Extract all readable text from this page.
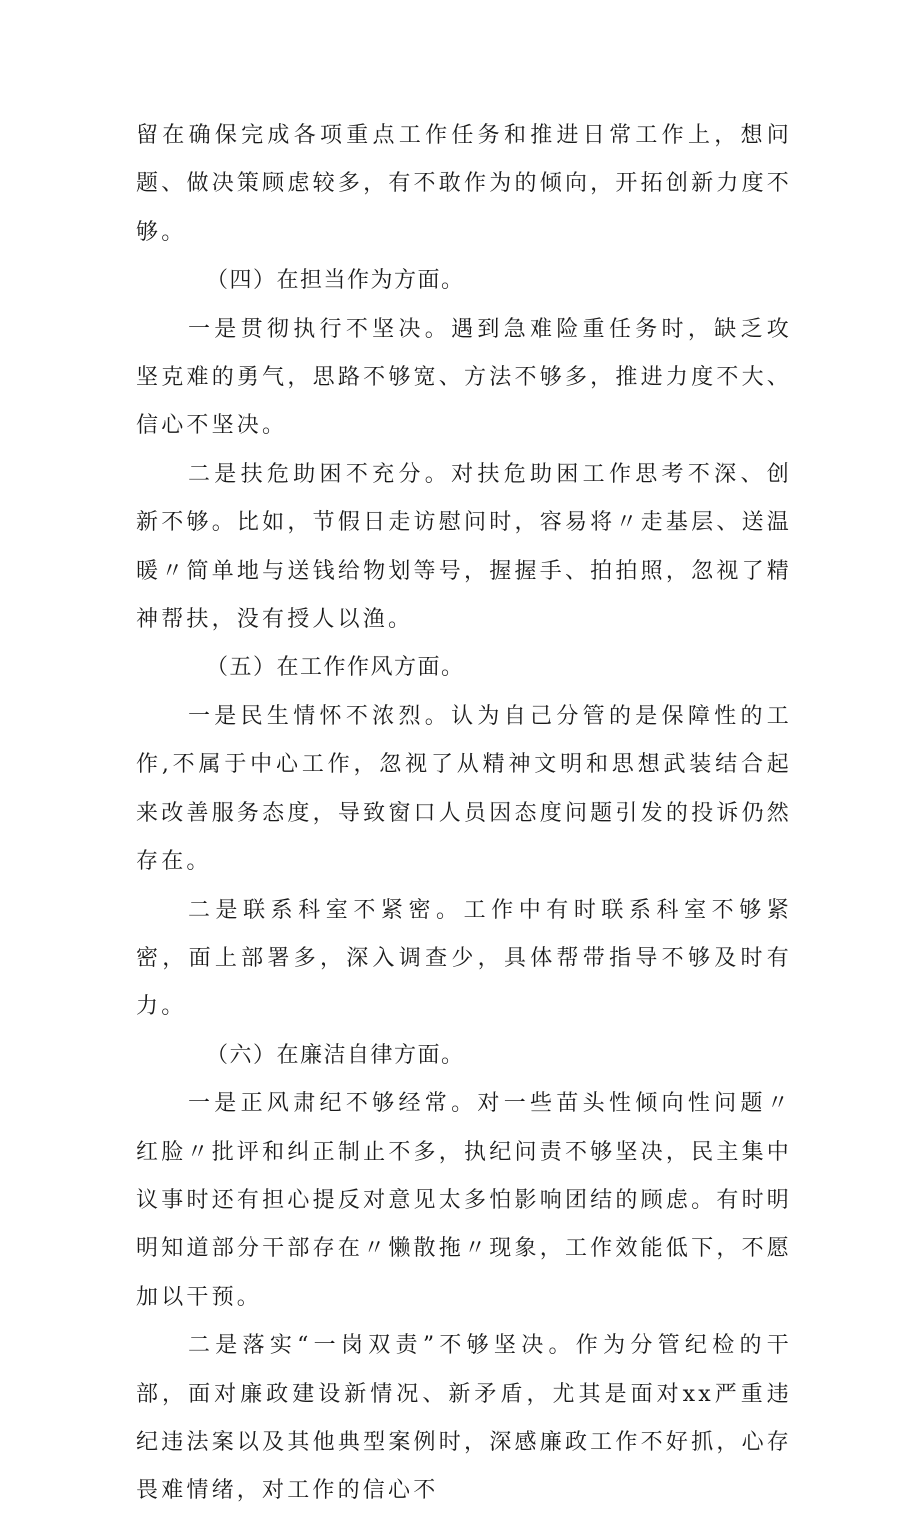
留在确保完成各项重点工作任务和推进日常工作上，想问题、做决策顾虑较多，有不敢作为的倾向，开拓创新力度不够。

（四）在担当作为方面。

一是贯彻执行不坚决。遇到急难险重任务时，缺乏攻坚克难的勇气，思路不够宽、方法不够多，推进力度不大、信心不坚决。

二是扶危助困不充分。对扶危助困工作思考不深、创新不够。比如，节假日走访慰问时，容易将〃走基层、送温暖〃简单地与送钱给物划等号，握握手、拍拍照，忽视了精神帮扶，没有授人以渔。

（五）在工作作风方面。

一是民生情怀不浓烈。认为自己分管的是保障性的工作,不属于中心工作，忽视了从精神文明和思想武装结合起来改善服务态度，导致窗口人员因态度问题引发的投诉仍然存在。

二是联系科室不紧密。工作中有时联系科室不够紧密，面上部署多，深入调查少，具体帮带指导不够及时有力。

（六）在廉洁自律方面。

一是正风肃纪不够经常。对一些苗头性倾向性问题〃红脸〃批评和纠正制止不多，执纪问责不够坚决，民主集中议事时还有担心提反对意见太多怕影响团结的顾虑。有时明明知道部分干部存在〃懒散拖〃现象，工作效能低下，不愿加以干预。

二是落实“一岗双责”不够坚决。作为分管纪检的干部，面对廉政建设新情况、新矛盾，尤其是面对xx严重违纪违法案以及其他典型案例时，深感廉政工作不好抓，心存畏难情绪，对工作的信心不
